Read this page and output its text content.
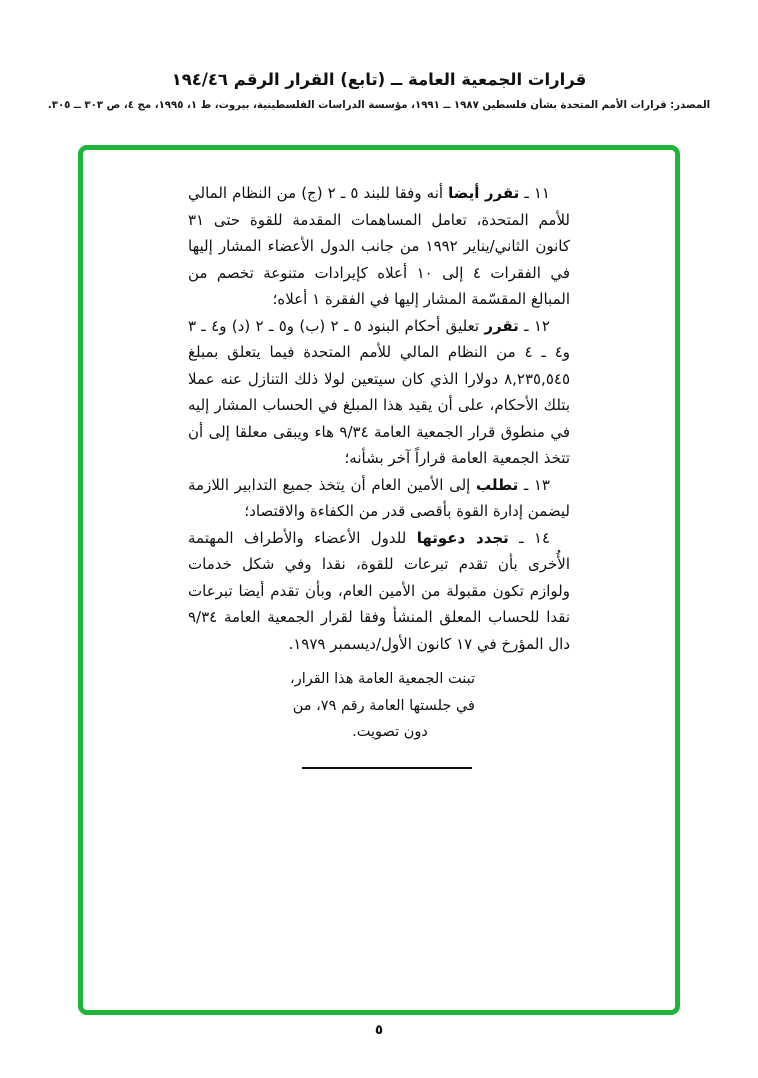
قرارات الجمعية العامة ــ (تابع) القرار الرقم ١٩٤/٤٦
المصدر: قرارات الأمم المتحدة بشأن فلسطين ١٩٨٧ ــ ١٩٩١، مؤسسة الدراسات الفلسطينية، بيروت، ط ١، ١٩٩٥، مج ٤، ص ٣٠٣ ــ ٣٠٥.

١١ ـ تقرر أيضا أنه وفقا للبند ٥ ـ ٢ (ج) من النظام المالي للأمم المتحدة، تعامل المساهمات المقدمة للقوة حتى ٣١ كانون الثاني/يناير ١٩٩٢ من جانب الدول الأعضاء المشار إليها في الفقرات ٤ إلى ١٠ أعلاه كإيرادات متنوعة تخصم من المبالغ المقسّمة المشار إليها في الفقرة ١ أعلاه؛

١٢ ـ تقرر تعليق أحكام البنود ٥ ـ ٢ (ب) و٥ ـ ٢ (د) و٤ ـ ٣ و٤ ـ ٤ من النظام المالي للأمم المتحدة فيما يتعلق بمبلغ ٨,٢٣٥,٥٤٥ دولارا الذي كان سيتعين لولا ذلك التنازل عنه عملا بتلك الأحكام، على أن يقيد هذا المبلغ في الحساب المشار إليه في منطوق قرار الجمعية العامة ٩/٣٤ هاء ويبقى معلقا إلى أن تتخذ الجمعية العامة قراراً آخر بشأنه؛

١٣ ـ تطلب إلى الأمين العام أن يتخذ جميع التدابير اللازمة ليضمن إدارة القوة بأقصى قدر من الكفاءة والاقتصاد؛

١٤ ـ تجدد دعوتها للدول الأعضاء والأطراف المهتمة الأُخرى بأن تقدم تبرعات للقوة، نقدا وفي شكل خدمات ولوازم تكون مقبولة من الأمين العام، وبأن تقدم أيضا تبرعات نقدا للحساب المعلق المنشأ وفقا لقرار الجمعية العامة ٩/٣٤ دال المؤرخ في ١٧ كانون الأول/ديسمبر ١٩٧٩.

تبنت الجمعية العامة هذا القرار،
في جلستها العامة رقم ٧٩، من
دون تصويت.
٥
